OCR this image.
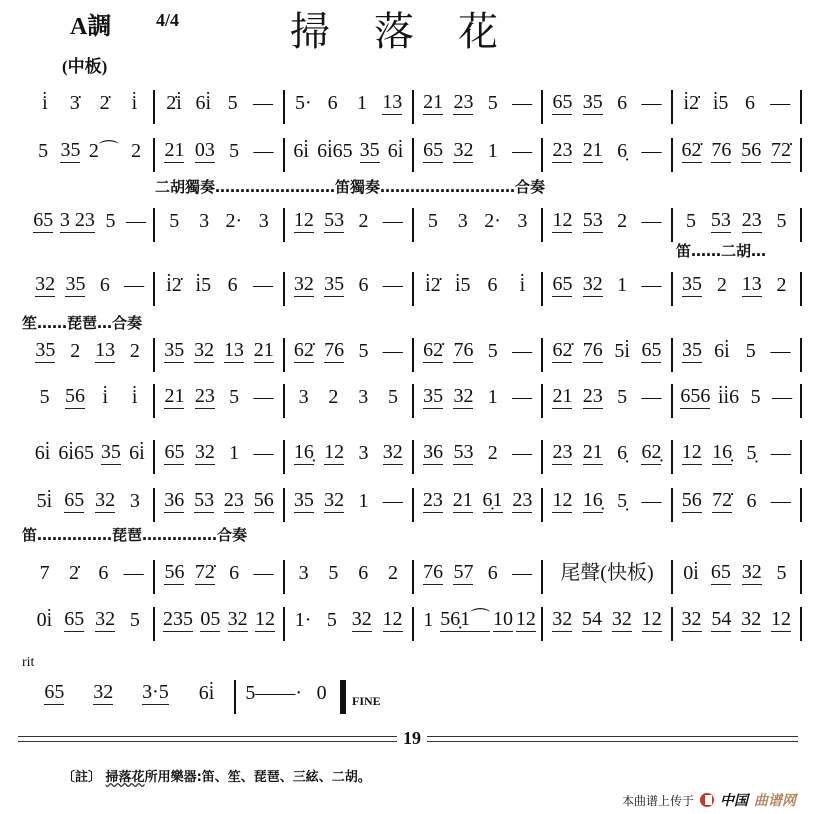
A調 4/4	掃落花
(中板)
二胡獨奏……………………笛獨奏………………………合奏
笛……二胡…
笙……琵琶…合奏
笛……………琵琶……………合奏
i̇	3̇ 2̇	i̇	2̇i̇ 6i̇ 5 — 5· 6 1 13 21 23 5 — 65 35 6 — i̇2̇ i̇5 6 —
5 35 2⌒ 2 21 03 5 — 6i̇ 6i̇65 35 6i̇ 65 32 1 — 23 21 6̣ — 62̇ 76 56 72̇
65 3 23 5 — 5 3 2· 3 12 53 2 — 5 3 2· 3 12 53 2 — 5 53 23 5
32 35 6 — i̇2̇ i̇5 6 — 32 35 6 — i̇2̇ i̇5 6	i̇	65 32 1 — 35 2 13 2
35 2 13 2 35 32 13 21 62̇ 76 5 — 62̇ 76 5 — 62̇ 76 5i̇ 65 35 6i̇ 5 —
5 56 i̇	i̇	21 23 5 — 3 2 3 5 35 32 1 — 21 23 5 — 656 i̇i̇6 5 —
6i̇ 6i̇65 35 6i̇ 65 32 1 — 16̣ 12 3 32 36 53 2 — 23 21 6̣ 62̣ 12 16̣ 5̣ —
5i̇ 65 32 3 36 53 23 56 35 32 1 — 23 21 6̣1 23 12 16̣ 5̣ — 56 72̇ 6 —
7 2̇ 6 — 56 72̇ 6 — 3 5 6 2 76 57 6 — 尾聲(快板) 0i̇ 65 32 5
0i̇ 65 32 5 235 05 32 12 1· 5 32 12 1 56̣1⌒ 10 12 32 54 32 12 32 54 32 12
65 32 3·5 6i̇ 5——· 0	FINE
rit
19
〔註〕 掃落花所用樂器:笛、笙、琵琶、三絃、二胡。
本曲谱上传于 中国 曲谱网
